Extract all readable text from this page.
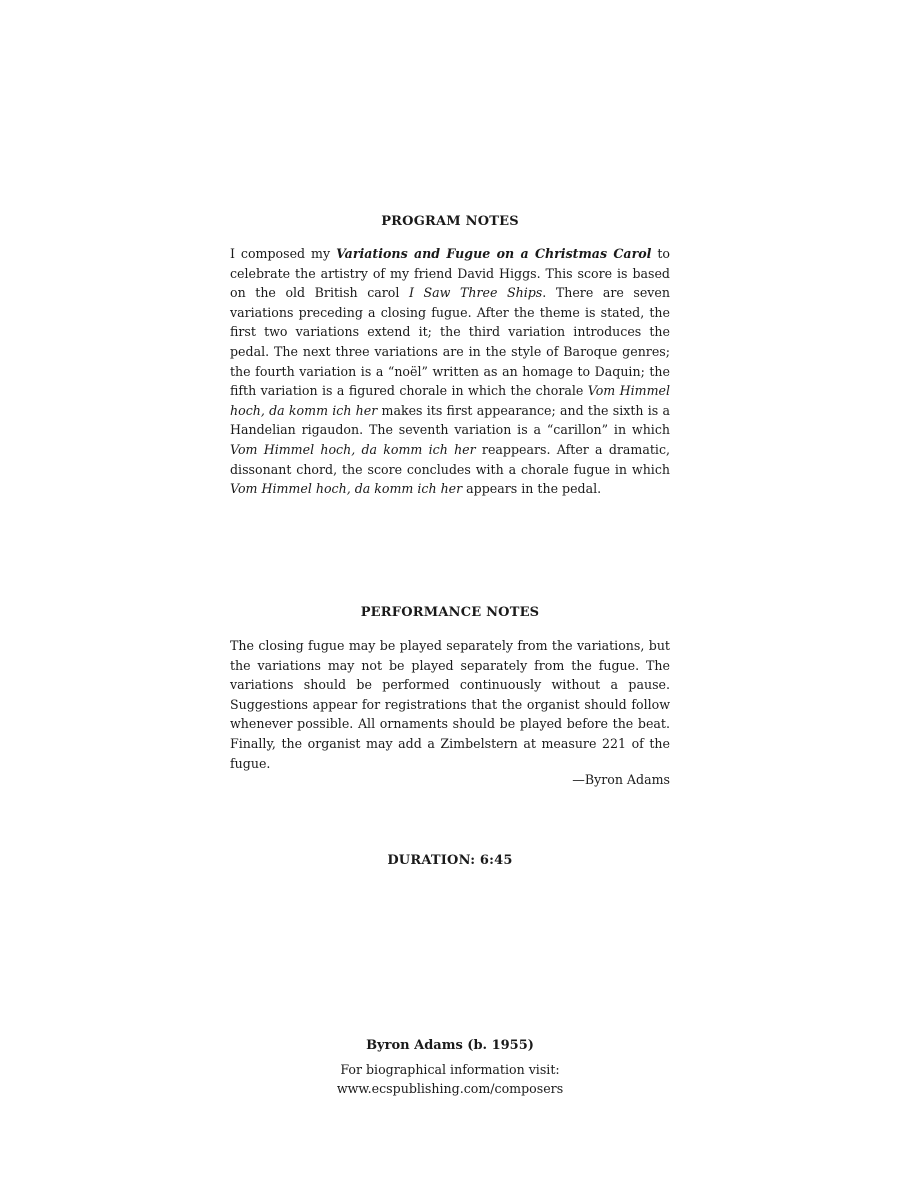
PROGRAM NOTES

I composed my Variations and Fugue on a Christmas Carol to celebrate the artistry of my friend David Higgs. This score is based on the old British carol I Saw Three Ships. There are seven variations preceding a closing fugue. After the theme is stated, the first two variations extend it; the third variation introduces the pedal. The next three variations are in the style of Baroque genres; the fourth variation is a “noël” written as an homage to Daquin; the fifth variation is a figured chorale in which the chorale Vom Himmel hoch, da komm ich her makes its first appearance; and the sixth is a Handelian rigaudon. The seventh variation is a “carillon” in which Vom Himmel hoch, da komm ich her reappears. After a dramatic, dissonant chord, the score concludes with a chorale fugue in which Vom Himmel hoch, da komm ich her appears in the pedal.

PERFORMANCE NOTES

The closing fugue may be played separately from the variations, but the variations may not be played separately from the fugue. The variations should be performed continuously without a pause. Suggestions appear for registrations that the organist should follow whenever possible. All ornaments should be played before the beat. Finally, the organist may add a Zimbelstern at measure 221 of the fugue.

—Byron Adams
DURATION: 6:45
Byron Adams (b. 1955)
For biographical information visit:
www.ecspublishing.com/composers
